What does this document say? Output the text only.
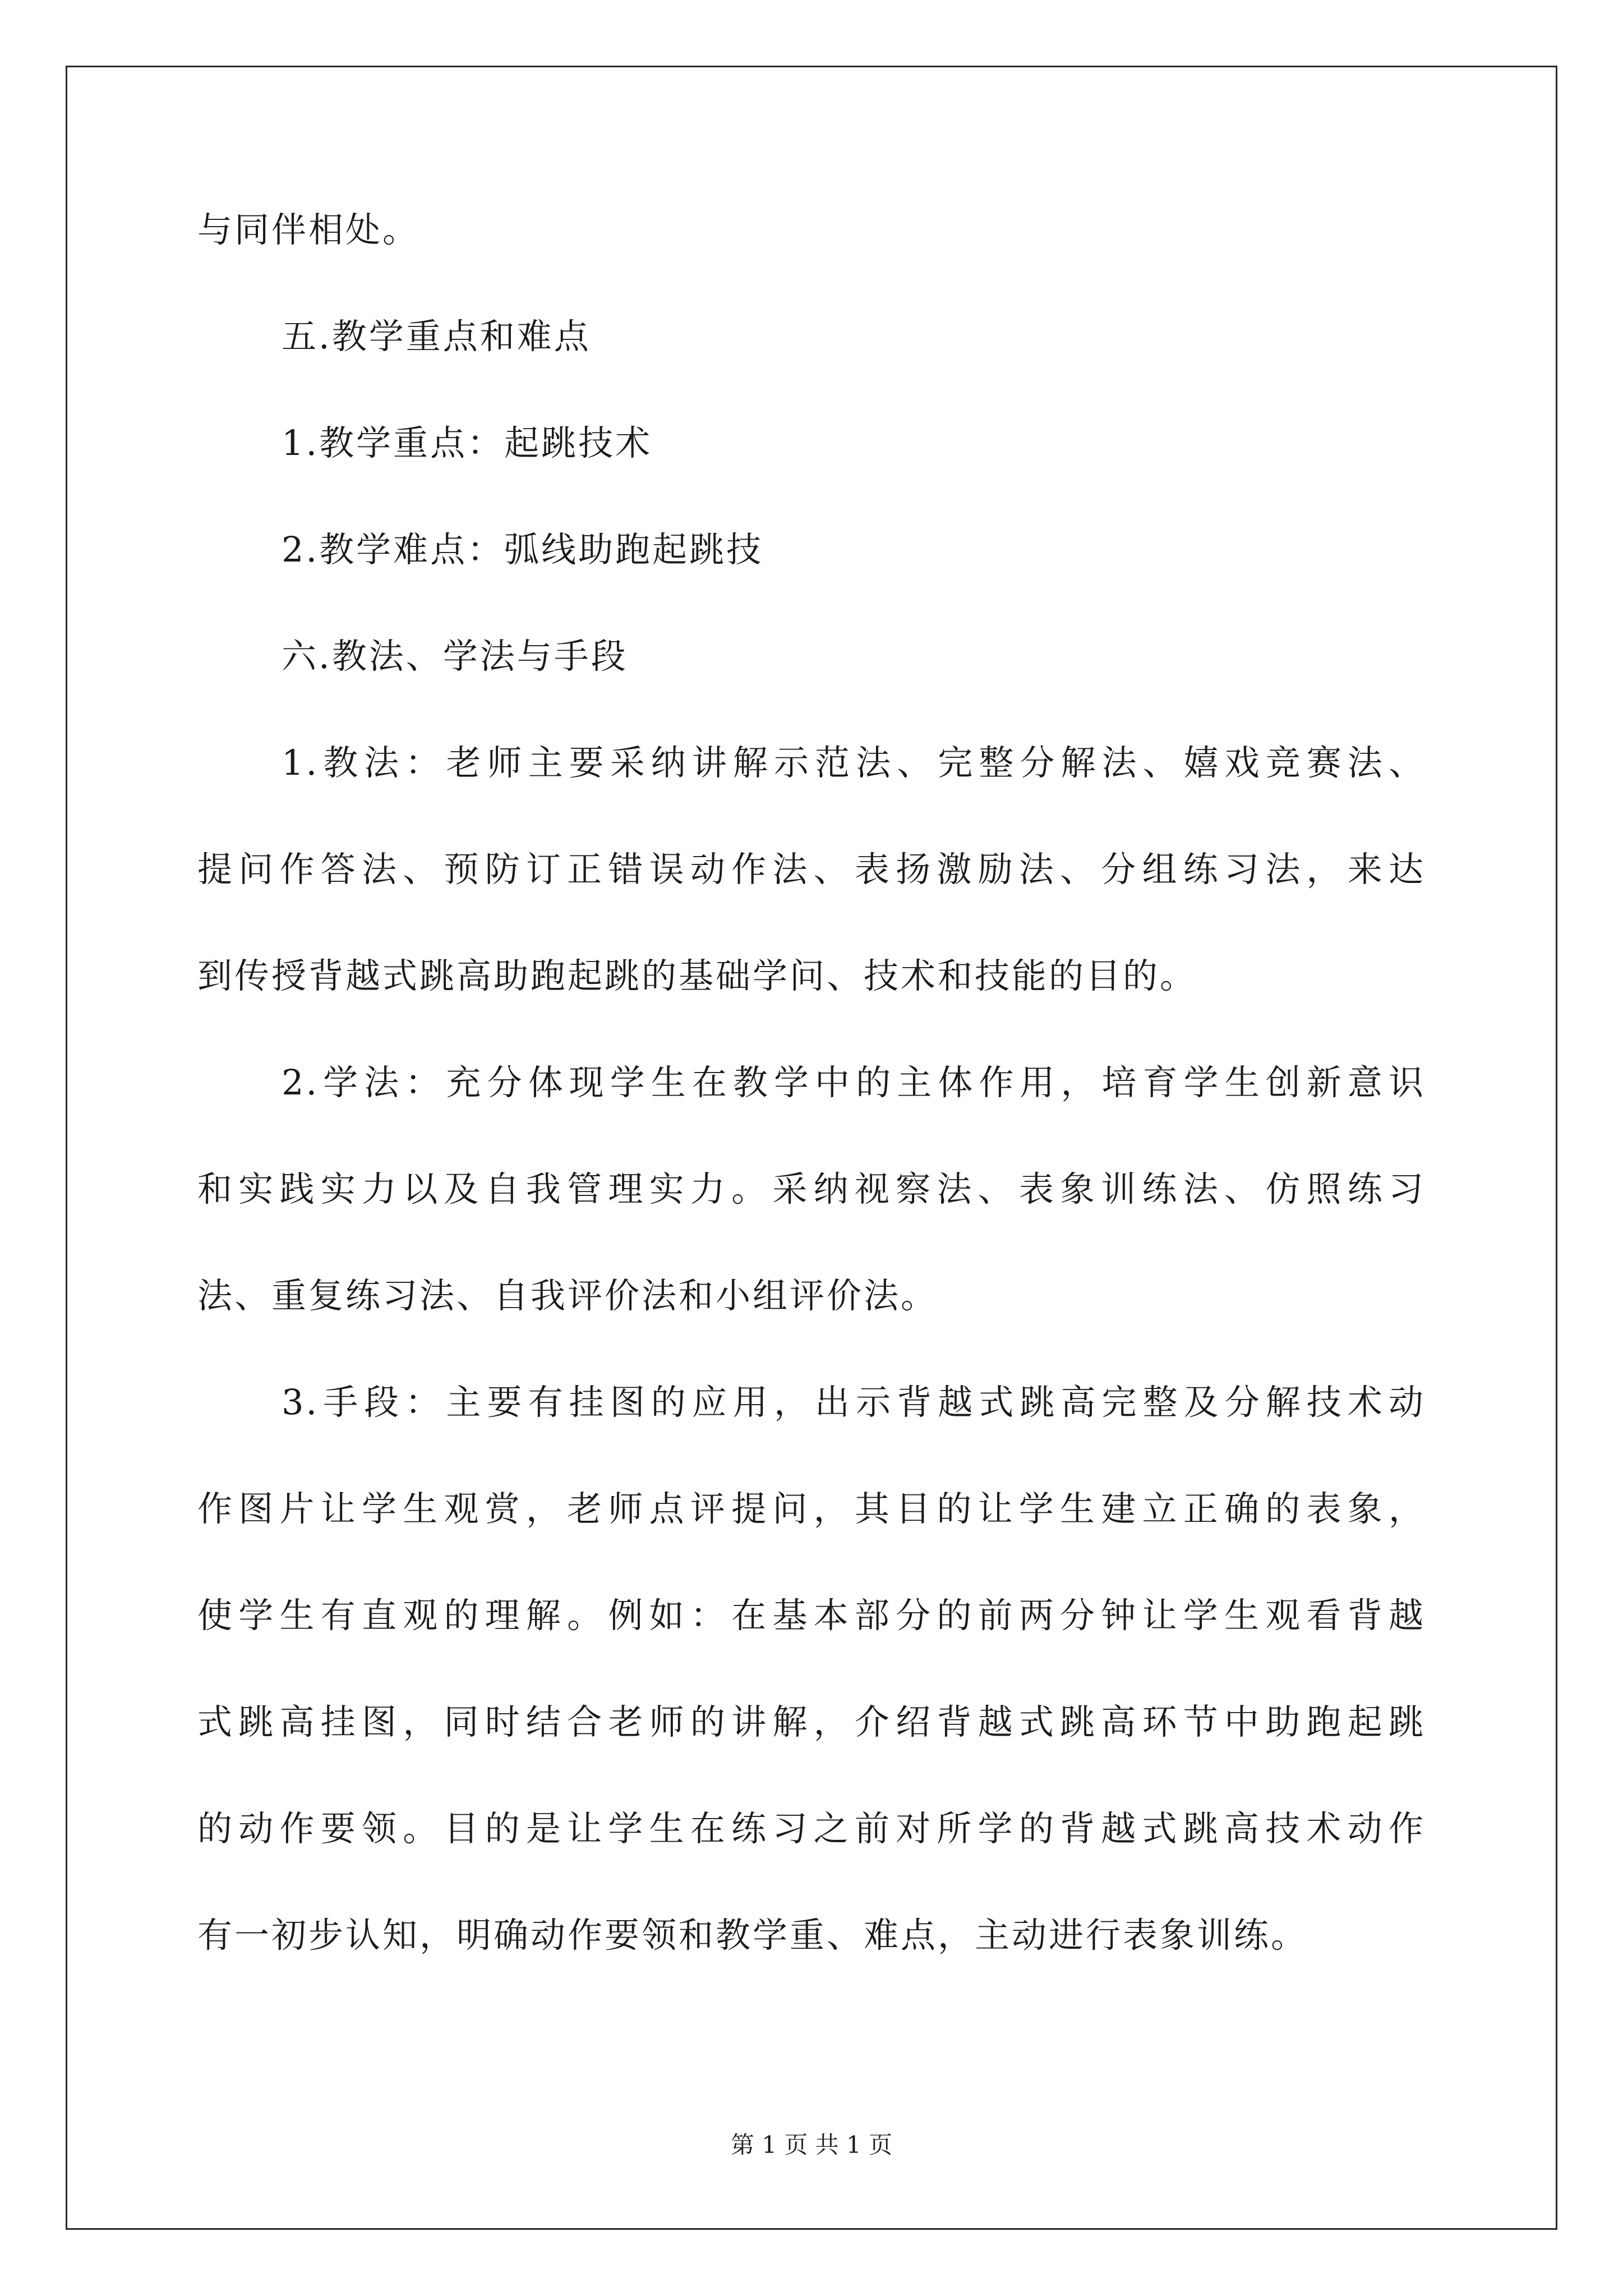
与同伴相处。
五.教学重点和难点
1.教学重点：起跳技术
2.教学难点：弧线助跑起跳技
六.教法、学法与手段
1.教法：老师主要采纳讲解示范法、完整分解法、嬉戏竞赛法、
提问作答法、预防订正错误动作法、表扬激励法、分组练习法，来达
到传授背越式跳高助跑起跳的基础学问、技术和技能的目的。
2.学法：充分体现学生在教学中的主体作用，培育学生创新意识
和实践实力以及自我管理实力。采纳视察法、表象训练法、仿照练习
法、重复练习法、自我评价法和小组评价法。
3.手段：主要有挂图的应用，出示背越式跳高完整及分解技术动
作图片让学生观赏，老师点评提问，其目的让学生建立正确的表象，
使学生有直观的理解。例如：在基本部分的前两分钟让学生观看背越
式跳高挂图，同时结合老师的讲解，介绍背越式跳高环节中助跑起跳
的动作要领。目的是让学生在练习之前对所学的背越式跳高技术动作
有一初步认知，明确动作要领和教学重、难点，主动进行表象训练。
第 1 页 共 1 页
